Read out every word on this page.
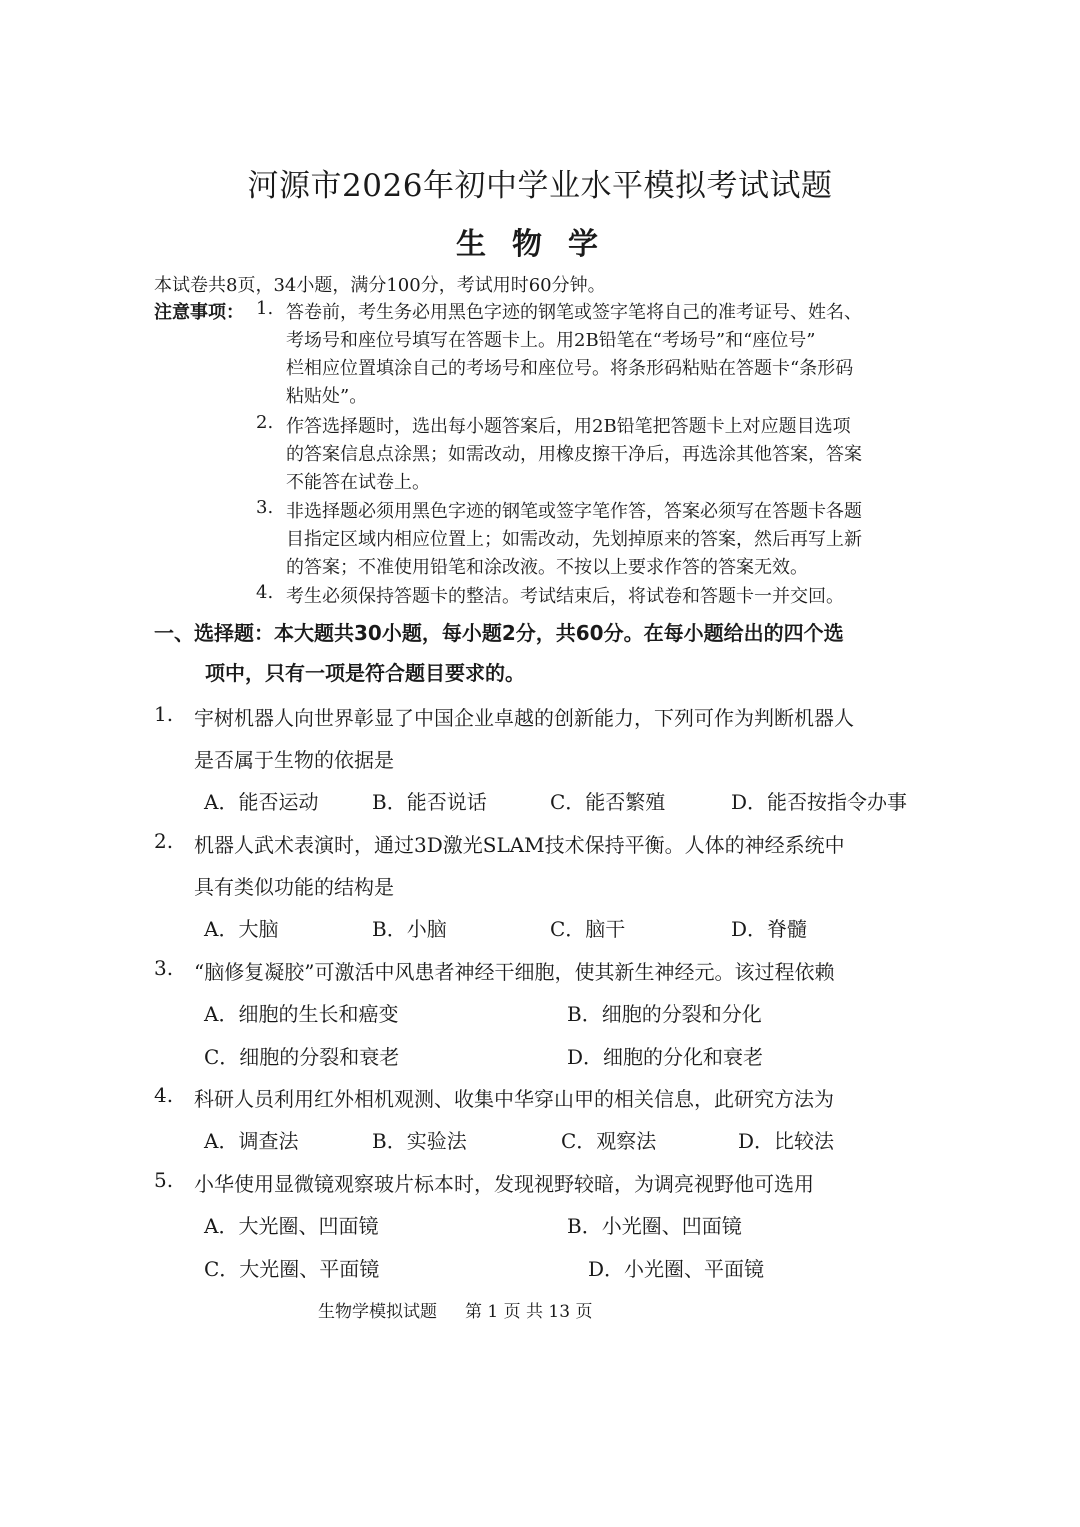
河源市2026年初中学业水平模拟考试试题
生物学
本试卷共8页，34小题，满分100分，考试用时60分钟。
注意事项： 1. 答卷前，考生务必用黑色字迹的钢笔或签字笔将自己的准考证号、姓名、
考场号和座位号填写在答题卡上。用2B铅笔在“考场号”和“座位号”
栏相应位置填涂自己的考场号和座位号。将条形码粘贴在答题卡“条形码
粘贴处”。
2. 作答选择题时，选出每小题答案后，用2B铅笔把答题卡上对应题目选项
的答案信息点涂黑；如需改动，用橡皮擦干净后，再选涂其他答案，答案
不能答在试卷上。
3. 非选择题必须用黑色字迹的钢笔或签字笔作答，答案必须写在答题卡各题
目指定区域内相应位置上；如需改动，先划掉原来的答案，然后再写上新
的答案；不准使用铅笔和涂改液。不按以上要求作答的答案无效。
4. 考生必须保持答题卡的整洁。考试结束后，将试卷和答题卡一并交回。
一、选择题：本大题共30小题，每小题2分，共60分。在每小题给出的四个选
项中，只有一项是符合题目要求的。
1. 宇树机器人向世界彰显了中国企业卓越的创新能力，下列可作为判断机器人
是否属于生物的依据是
A．能否运动	B．能否说话	C．能否繁殖	D．能否按指令办事
2. 机器人武术表演时，通过3D激光SLAM技术保持平衡。人体的神经系统中
具有类似功能的结构是
A．大脑	B．小脑	C．脑干	D．脊髓
3. “脑修复凝胶”可激活中风患者神经干细胞，使其新生神经元。该过程依赖
A．细胞的生长和癌变	B．细胞的分裂和分化
C．细胞的分裂和衰老	D．细胞的分化和衰老
4. 科研人员利用红外相机观测、收集中华穿山甲的相关信息，此研究方法为
A．调查法	B．实验法	C．观察法	D．比较法
5. 小华使用显微镜观察玻片标本时，发现视野较暗，为调亮视野他可选用
A．大光圈、凹面镜	B．小光圈、凹面镜
C．大光圈、平面镜	D．小光圈、平面镜
生物学模拟试题 第 1 页 共 13 页
